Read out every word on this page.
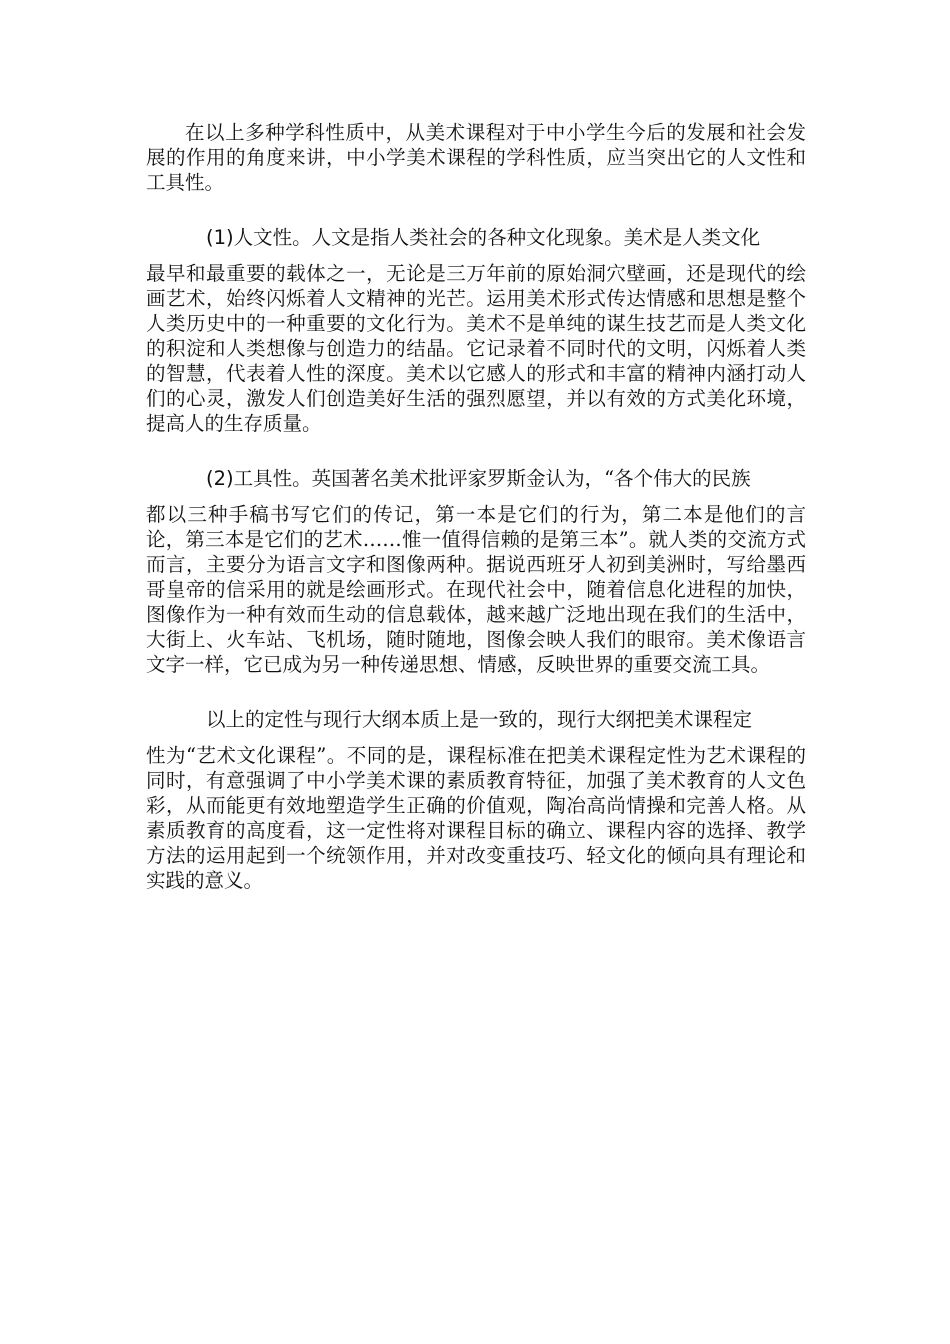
在以上多种学科性质中，从美术课程对于中小学生今后的发展和社会发展的作用的角度来讲，中小学美术课程的学科性质，应当突出它的人文性和工具性。

(1)人文性。人文是指人类社会的各种文化现象。美术是人类文化

最早和最重要的载体之一，无论是三万年前的原始洞穴壁画，还是现代的绘画艺术，始终闪烁着人文精神的光芒。运用美术形式传达情感和思想是整个人类历史中的一种重要的文化行为。美术不是单纯的谋生技艺而是人类文化的积淀和人类想像与创造力的结晶。它记录着不同时代的文明，闪烁着人类的智慧，代表着人性的深度。美术以它感人的形式和丰富的精神内涵打动人们的心灵，激发人们创造美好生活的强烈愿望，并以有效的方式美化环境，提高人的生存质量。

(2)工具性。英国著名美术批评家罗斯金认为，“各个伟大的民族

都以三种手稿书写它们的传记，第一本是它们的行为，第二本是他们的言论，第三本是它们的艺术……惟一值得信赖的是第三本”。就人类的交流方式而言，主要分为语言文字和图像两种。据说西班牙人初到美洲时，写给墨西哥皇帝的信采用的就是绘画形式。在现代社会中，随着信息化进程的加快，图像作为一种有效而生动的信息载体，越来越广泛地出现在我们的生活中，大街上、火车站、飞机场，随时随地，图像会映人我们的眼帘。美术像语言文字一样，它已成为另一种传递思想、情感，反映世界的重要交流工具。

以上的定性与现行大纲本质上是一致的，现行大纲把美术课程定

性为“艺术文化课程”。不同的是，课程标准在把美术课程定性为艺术课程的同时，有意强调了中小学美术课的素质教育特征，加强了美术教育的人文色彩，从而能更有效地塑造学生正确的价值观，陶冶高尚情操和完善人格。从素质教育的高度看，这一定性将对课程目标的确立、课程内容的选择、教学方法的运用起到一个统领作用，并对改变重技巧、轻文化的倾向具有理论和实践的意义。
